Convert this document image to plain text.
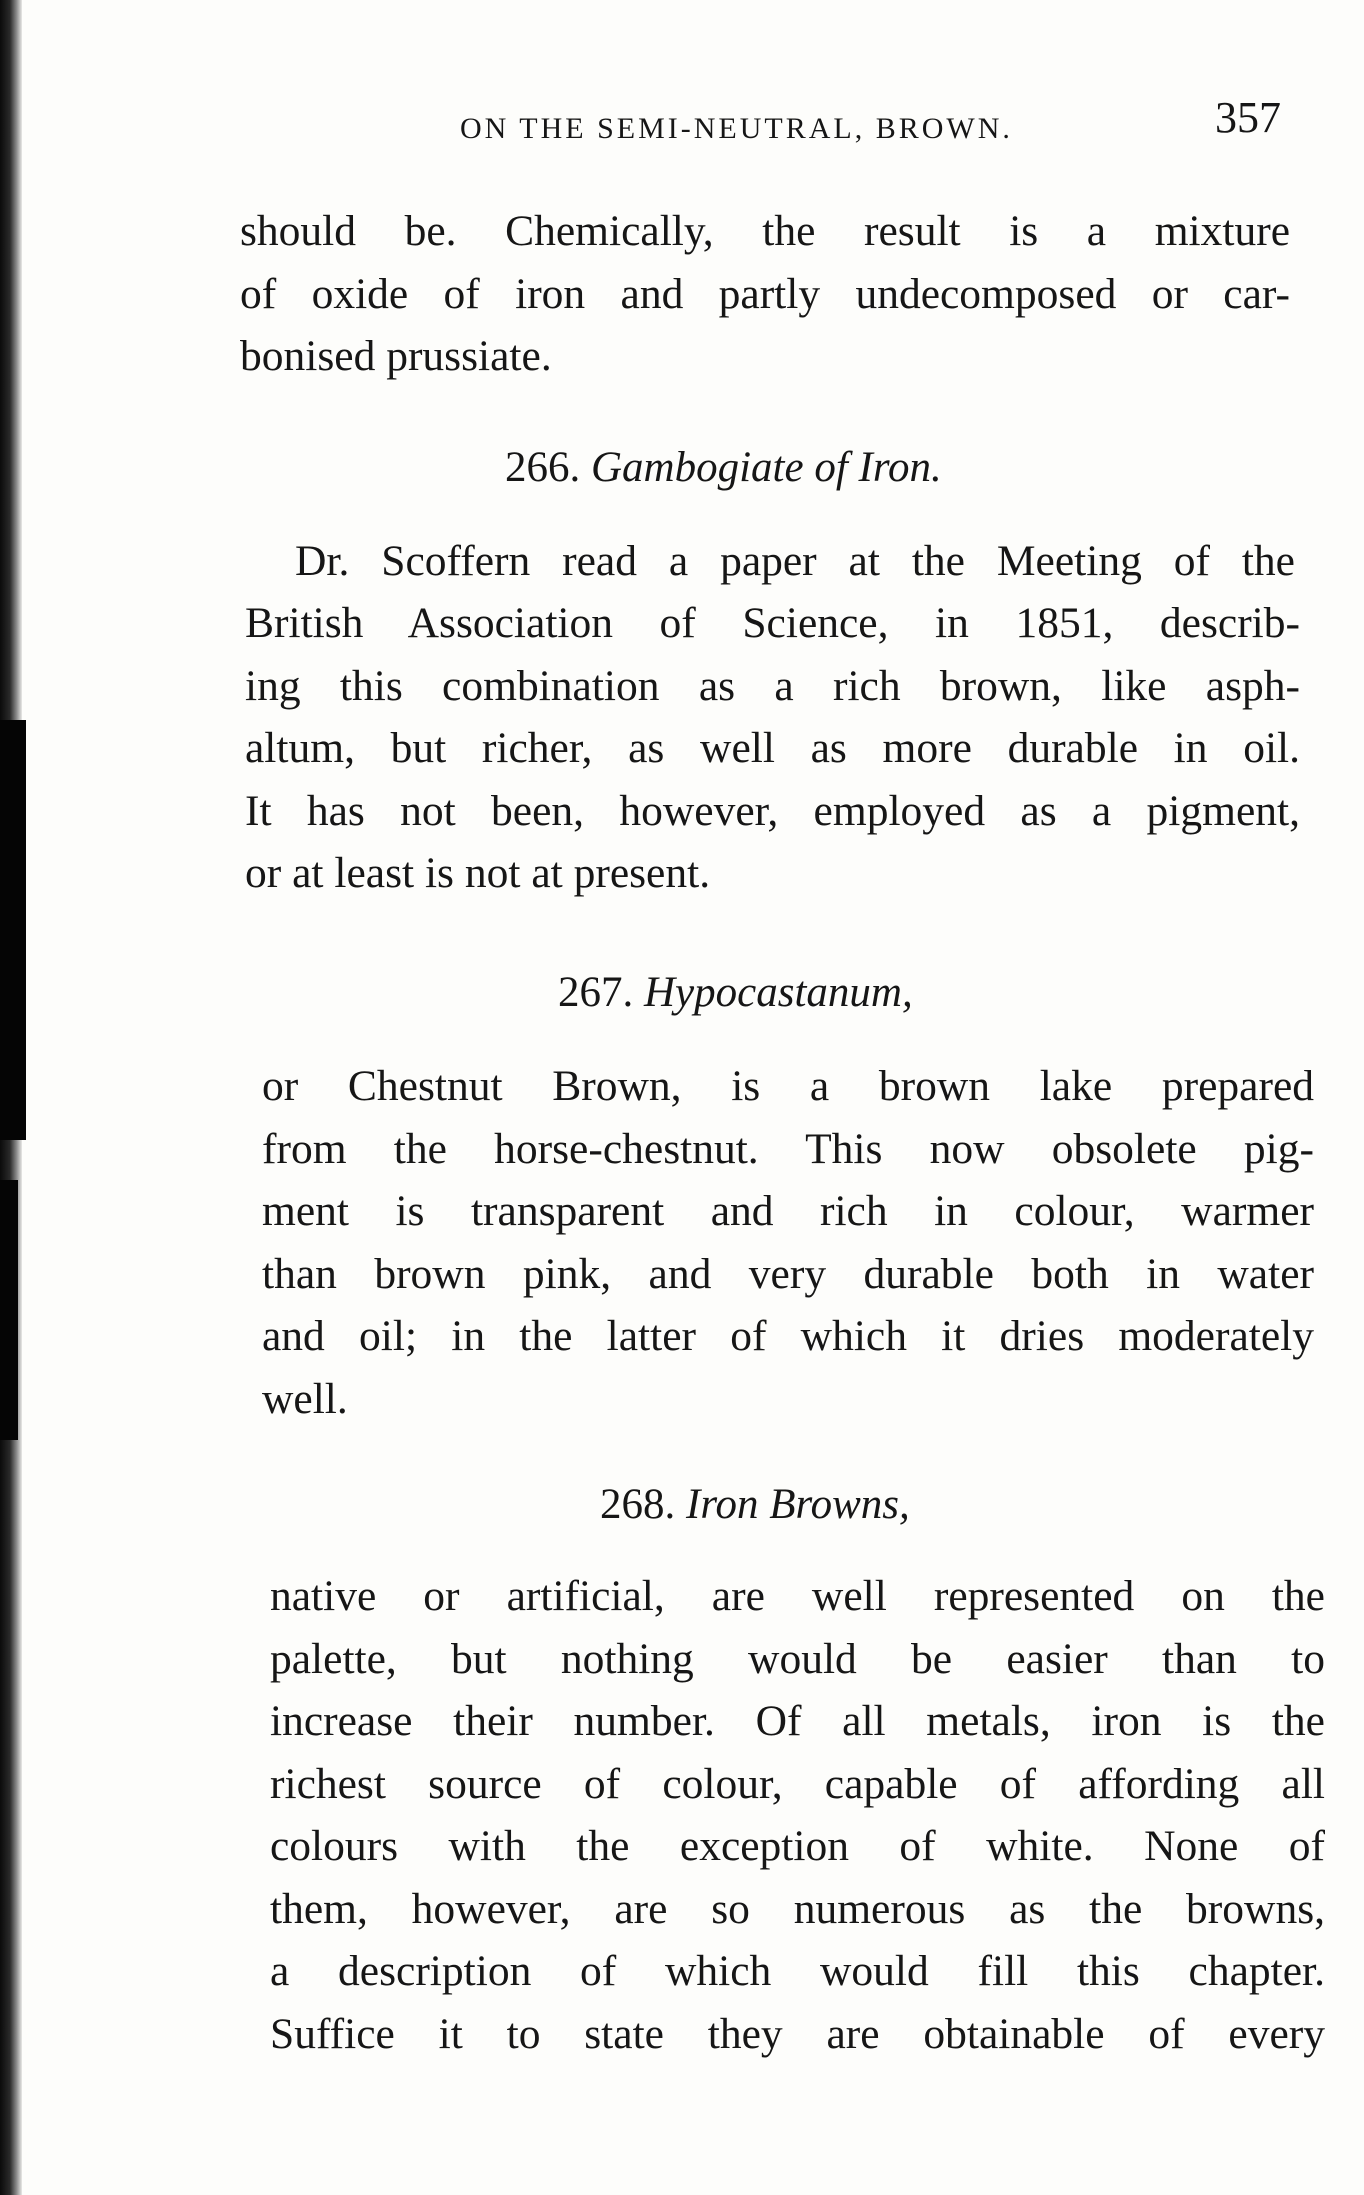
ON THE SEMI-NEUTRAL, BROWN.	357
should be. Chemically, the result is a mixture
of oxide of iron and partly undecomposed or car-
bonised prussiate.
266. Gambogiate of Iron.
Dr. Scoffern read a paper at the Meeting of the
British Association of Science, in 1851, describ-
ing this combination as a rich brown, like asph-
altum, but richer, as well as more durable in oil.
It has not been, however, employed as a pigment,
or at least is not at present.
267. Hypocastanum,
or Chestnut Brown, is a brown lake prepared
from the horse-chestnut. This now obsolete pig-
ment is transparent and rich in colour, warmer
than brown pink, and very durable both in water
and oil; in the latter of which it dries moderately
well.
268. Iron Browns,
native or artificial, are well represented on the
palette, but nothing would be easier than to
increase their number. Of all metals, iron is the
richest source of colour, capable of affording all
colours with the exception of white. None of
them, however, are so numerous as the browns,
a description of which would fill this chapter.
Suffice it to state they are obtainable of every
